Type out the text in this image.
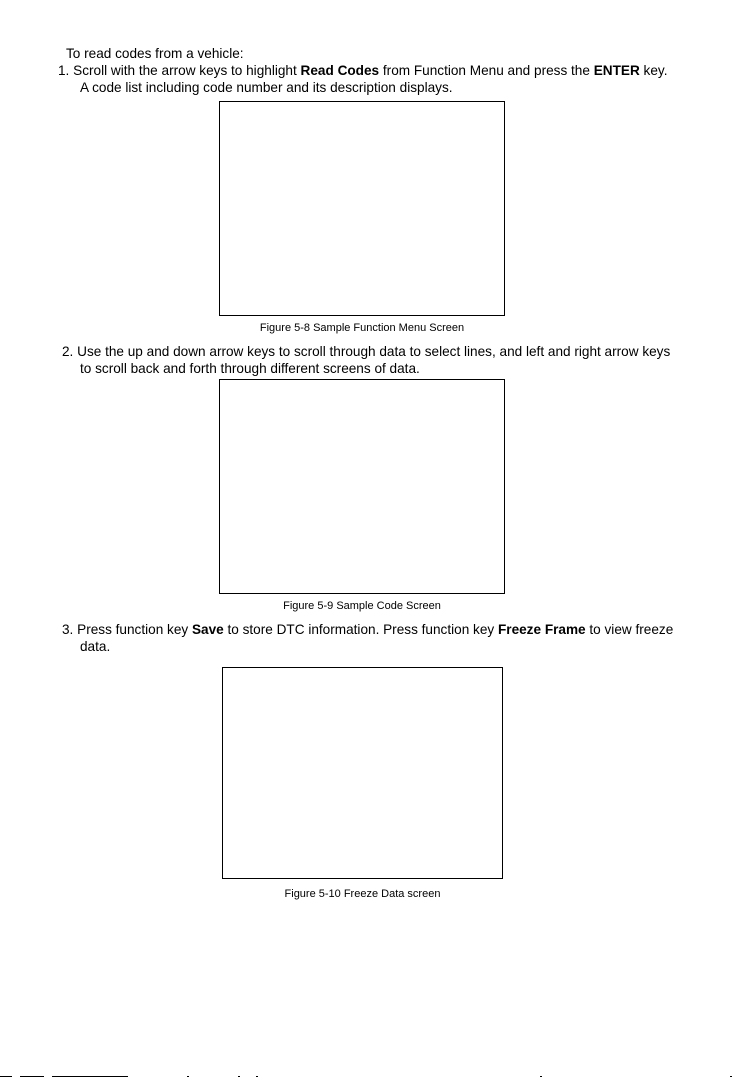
To read codes from a vehicle:
1. Scroll with the arrow keys to highlight Read Codes from Function Menu and press the ENTER key.
A code list including code number and its description displays.
Figure 5-8 Sample Function Menu Screen
2. Use the up and down arrow keys to scroll through data to select lines, and left and right arrow keys
to scroll back and forth through different screens of data.
Figure 5-9 Sample Code Screen
3. Press function key Save to store DTC information. Press function key Freeze Frame to view freeze
data.
Figure 5-10 Freeze Data screen
